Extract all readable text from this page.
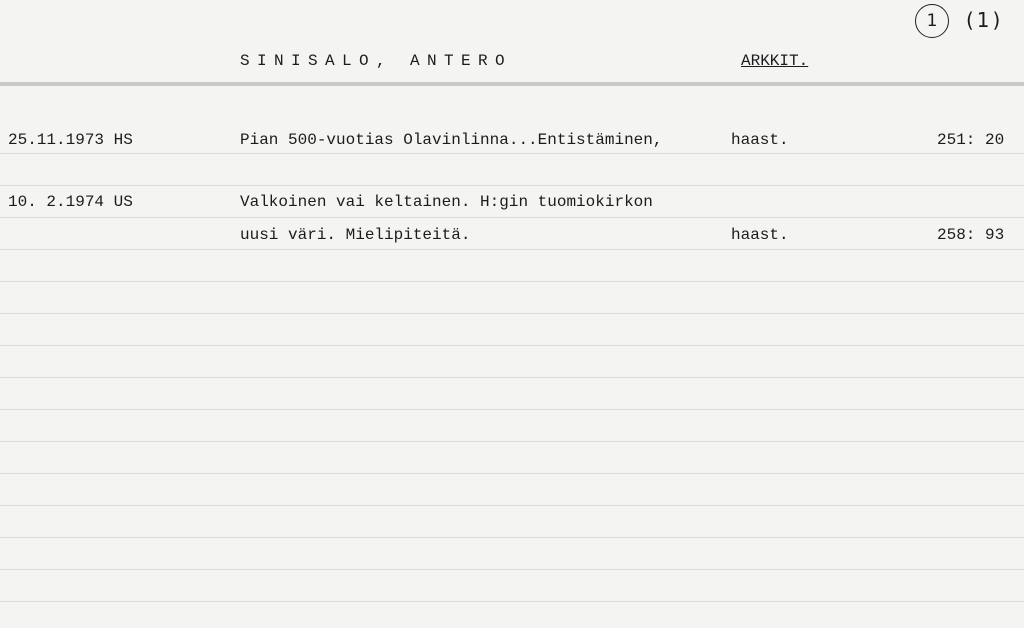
1	(1)
SINISALO, ANTERO	ARKKIT.
25.11.1973 HS	Pian 500-vuotias Olavinlinna...Entistäminen,	haast.	251: 20
10. 2.1974 US	Valkoinen vai keltainen. H:gin tuomiokirkon
uusi väri. Mielipiteitä.	haast.	258: 93
